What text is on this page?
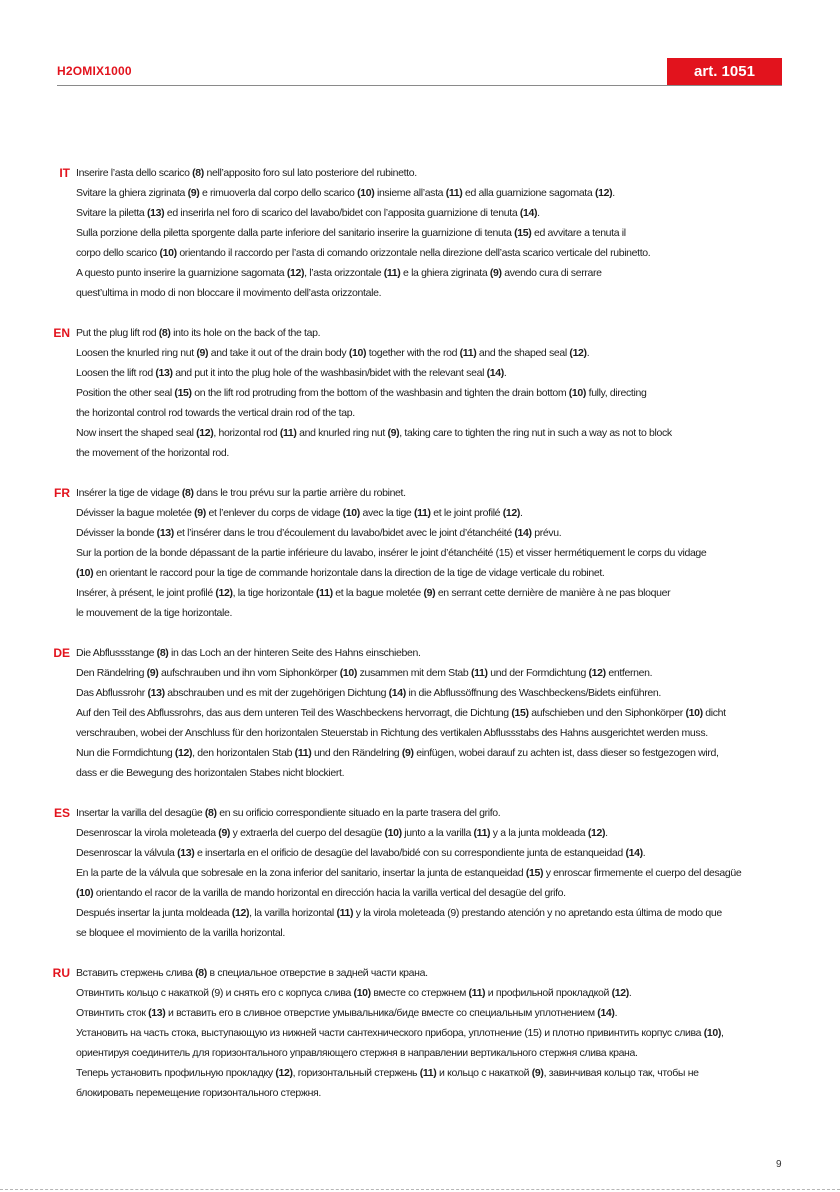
H2OMIX1000	art. 1051
IT Inserire l’asta dello scarico (8) nell’apposito foro sul lato posteriore del rubinetto.
Svitare la ghiera zigrinata (9) e rimuoverla dal corpo dello scarico (10) insieme all’asta (11) ed alla guarnizione sagomata (12).
Svitare la piletta (13) ed inserirla nel foro di scarico del lavabo/bidet con l’apposita guarnizione di tenuta (14).
Sulla porzione della piletta sporgente dalla parte inferiore del sanitario inserire la guarnizione di tenuta (15) ed avvitare a tenuta il
corpo dello scarico (10) orientando il raccordo per l’asta di comando orizzontale nella direzione dell’asta scarico verticale del rubinetto.
A questo punto inserire la guarnizione sagomata (12), l’asta orizzontale (11) e la ghiera zigrinata (9) avendo cura di serrare
quest’ultima in modo di non bloccare il movimento dell’asta orizzontale.
EN Put the plug lift rod (8) into its hole on the back of the tap.
Loosen the knurled ring nut (9) and take it out of the drain body (10) together with the rod (11) and the shaped seal (12).
Loosen the lift rod (13) and put it into the plug hole of the washbasin/bidet with the relevant seal (14).
Position the other seal (15) on the lift rod protruding from the bottom of the washbasin and tighten the drain bottom (10) fully, directing
the horizontal control rod towards the vertical drain rod of the tap.
Now insert the shaped seal (12), horizontal rod (11) and knurled ring nut (9), taking care to tighten the ring nut in such a way as not to block
the movement of the horizontal rod.
FR Insérer la tige de vidage (8) dans le trou prévu sur la partie arrière du robinet.
Dévisser la bague moletée (9) et l’enlever du corps de vidage (10) avec la tige (11) et le joint profilé (12).
Dévisser la bonde (13) et l’insérer dans le trou d’écoulement du lavabo/bidet avec le joint d’étanchéité (14) prévu.
Sur la portion de la bonde dépassant de la partie inférieure du lavabo, insérer le joint d’étanchéité (15) et visser hermétiquement le corps du vidage
(10) en orientant le raccord pour la tige de commande horizontale dans la direction de la tige de vidage verticale du robinet.
Insérer, à présent, le joint profilé (12), la tige horizontale (11) et la bague moletée (9) en serrant cette dernière de manière à ne pas bloquer
le mouvement de la tige horizontale.
DE Die Abflussstange (8) in das Loch an der hinteren Seite des Hahns einschieben.
Den Rändelring (9) aufschrauben und ihn vom Siphonkörper (10) zusammen mit dem Stab (11) und der Formdichtung (12) entfernen.
Das Abflussrohr (13) abschrauben und es mit der zugehörigen Dichtung (14) in die Abflussöffnung des Waschbeckens/Bidets einführen.
Auf den Teil des Abflussrohrs, das aus dem unteren Teil des Waschbeckens hervorragt, die Dichtung (15) aufschieben und den Siphonkörper (10) dicht
verschrauben, wobei der Anschluss für den horizontalen Steuerstab in Richtung des vertikalen Abflussstabs des Hahns ausgerichtet werden muss.
Nun die Formdichtung (12), den horizontalen Stab (11) und den Rändelring (9) einfügen, wobei darauf zu achten ist, dass dieser so festgezogen wird,
dass er die Bewegung des horizontalen Stabes nicht blockiert.
ES Insertar la varilla del desagüe (8) en su orificio correspondiente situado en la parte trasera del grifo.
Desenroscar la virola moleteada (9) y extraerla del cuerpo del desagüe (10) junto a la varilla (11) y a la junta moldeada (12).
Desenroscar la válvula (13) e insertarla en el orificio de desagüe del lavabo/bidé con su correspondiente junta de estanqueidad (14).
En la parte de la válvula que sobresale en la zona inferior del sanitario, insertar la junta de estanqueidad (15) y enroscar firmemente el cuerpo del desagüe
(10) orientando el racor de la varilla de mando horizontal en dirección hacia la varilla vertical del desagüe del grifo.
Después insertar la junta moldeada (12), la varilla horizontal (11) y la virola moleteada (9) prestando atención y no apretando esta última de modo que
se bloquee el movimiento de la varilla horizontal.
RU Вставить стержень слива (8) в специальное отверстие в задней части крана.
Отвинтить кольцо с накаткой (9) и снять его с корпуса слива (10) вместе со стержнем (11) и профильной прокладкой (12).
Отвинтить сток (13) и вставить его в сливное отверстие умывальника/биде вместе со специальным уплотнением (14).
Установить на часть стока, выступающую из нижней части сантехнического прибора, уплотнение (15) и плотно привинтить корпус слива (10),
ориентируя соединитель для горизонтального управляющего стержня в направлении вертикального стержня слива крана.
Теперь установить профильную прокладку (12), горизонтальный стержень (11) и кольцо с накаткой (9), завинчивая кольцо так, чтобы не
блокировать перемещение горизонтального стержня.
9
